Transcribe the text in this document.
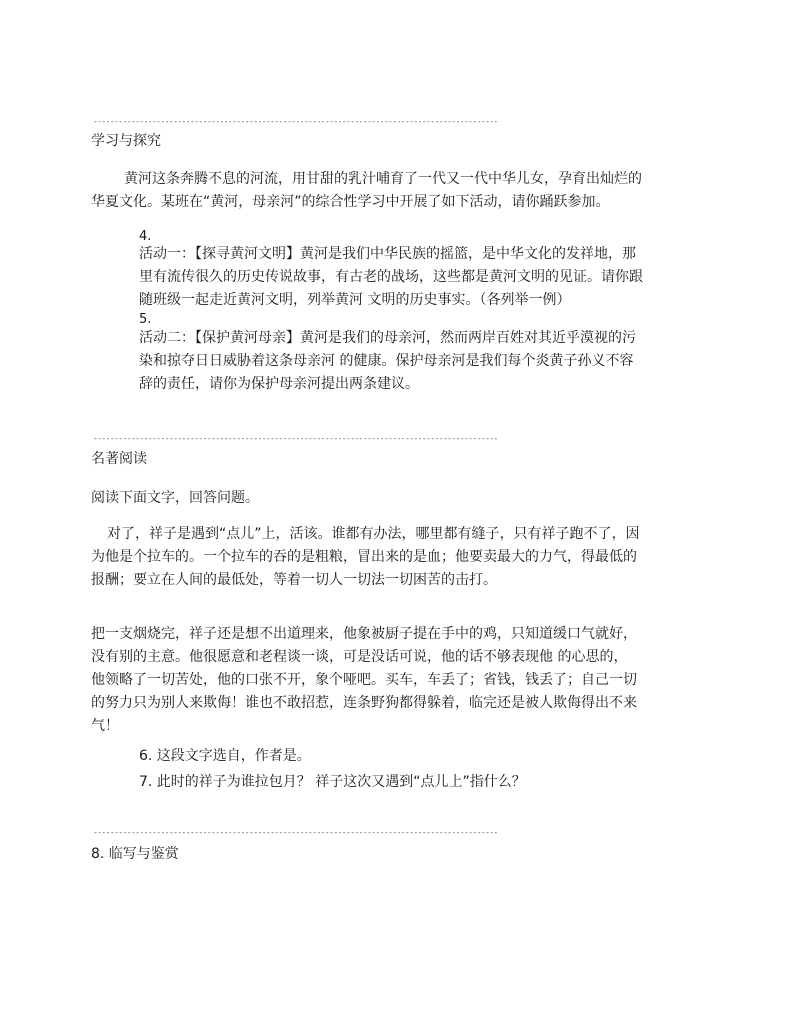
------------------------------------------------------------------------------------------------
学习与探究
黄河这条奔腾不息的河流，用甘甜的乳汁哺育了一代又一代中华儿女，孕育出灿烂的
华夏文化。某班在“黄河，母亲河”的综合性学习中开展了如下活动，请你踊跃参加。
4.
活动一：【探寻黄河文明】黄河是我们中华民族的摇篮，是中华文化的发祥地，那
里有流传很久的历史传说故事，有古老的战场，这些都是黄河文明的见证。请你跟
随班级一起走近黄河文明，列举黄河 文明的历史事实。（各列举一例）
5.
活动二：【保护黄河母亲】黄河是我们的母亲河，然而两岸百姓对其近乎漠视的污
染和掠夺日日威胁着这条母亲河 的健康。保护母亲河是我们每个炎黄子孙义不容
辞的责任，请你为保护母亲河提出两条建议。
------------------------------------------------------------------------------------------------
名著阅读
阅读下面文字，回答问题。
对了，祥子是遇到“点儿”上，活该。谁都有办法，哪里都有缝子，只有祥子跑不了，因
为他是个拉车的。一个拉车的吞的是粗粮，冒出来的是血；他要卖最大的力气，得最低的
报酬；要立在人间的最低处，等着一切人一切法一切困苦的击打。
把一支烟烧完，祥子还是想不出道理来，他象被厨子提在手中的鸡，只知道缓口气就好，
没有别的主意。他很愿意和老程谈一谈，可是没话可说，他的话不够表现他 的心思的，
他领略了一切苦处，他的口张不开，象个哑吧。买车，车丢了；省钱，钱丢了；自己一切
的努力只为别人来欺侮！谁也不敢招惹，连条野狗都得躲着，临完还是被人欺侮得出不来
气！
6. 这段文字选自，作者是。
7. 此时的祥子为谁拉包月？ 祥子这次又遇到“点儿上”指什么？
------------------------------------------------------------------------------------------------
8. 临写与鉴赏
